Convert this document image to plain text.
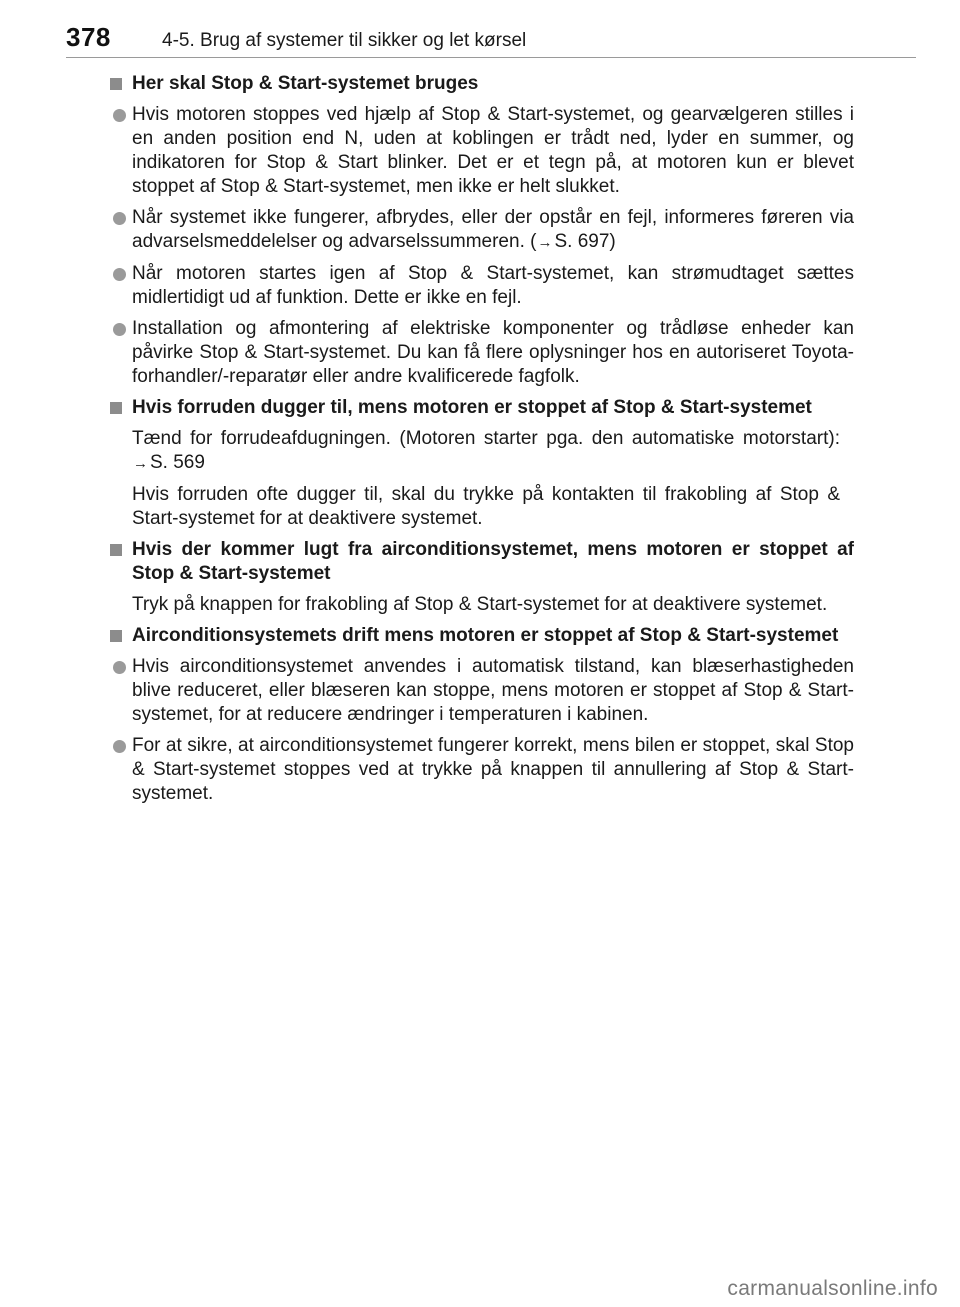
378	4-5. Brug af systemer til sikker og let kørsel
Her skal Stop & Start-systemet bruges
Hvis motoren stoppes ved hjælp af Stop & Start-systemet, og gearvælgeren stilles i en anden position end N, uden at koblingen er trådt ned, lyder en summer, og indikatoren for Stop & Start blinker. Det er et tegn på, at motoren kun er blevet stoppet af Stop & Start-systemet, men ikke er helt slukket.
Når systemet ikke fungerer, afbrydes, eller der opstår en fejl, informeres føreren via advarselsmeddelelser og advarselssummeren. (→ S. 697)
Når motoren startes igen af Stop & Start-systemet, kan strømudtaget sættes midlertidigt ud af funktion. Dette er ikke en fejl.
Installation og afmontering af elektriske komponenter og trådløse enheder kan påvirke Stop & Start-systemet. Du kan få flere oplysninger hos en autoriseret Toyota-forhandler/-reparatør eller andre kvalificerede fagfolk.
Hvis forruden dugger til, mens motoren er stoppet af Stop & Start-systemet
Tænd for forrudeafdugningen. (Motoren starter pga. den automatiske motorstart): → S. 569
Hvis forruden ofte dugger til, skal du trykke på kontakten til frakobling af Stop & Start-systemet for at deaktivere systemet.
Hvis der kommer lugt fra airconditionsystemet, mens motoren er stoppet af Stop & Start-systemet
Tryk på knappen for frakobling af Stop & Start-systemet for at deaktivere systemet.
Airconditionsystemets drift mens motoren er stoppet af Stop & Start-systemet
Hvis airconditionsystemet anvendes i automatisk tilstand, kan blæserhastigheden blive reduceret, eller blæseren kan stoppe, mens motoren er stoppet af Stop & Start-systemet, for at reducere ændringer i temperaturen i kabinen.
For at sikre, at airconditionsystemet fungerer korrekt, mens bilen er stoppet, skal Stop & Start-systemet stoppes ved at trykke på knappen til annullering af Stop & Start-systemet.
carmanualsonline.info
